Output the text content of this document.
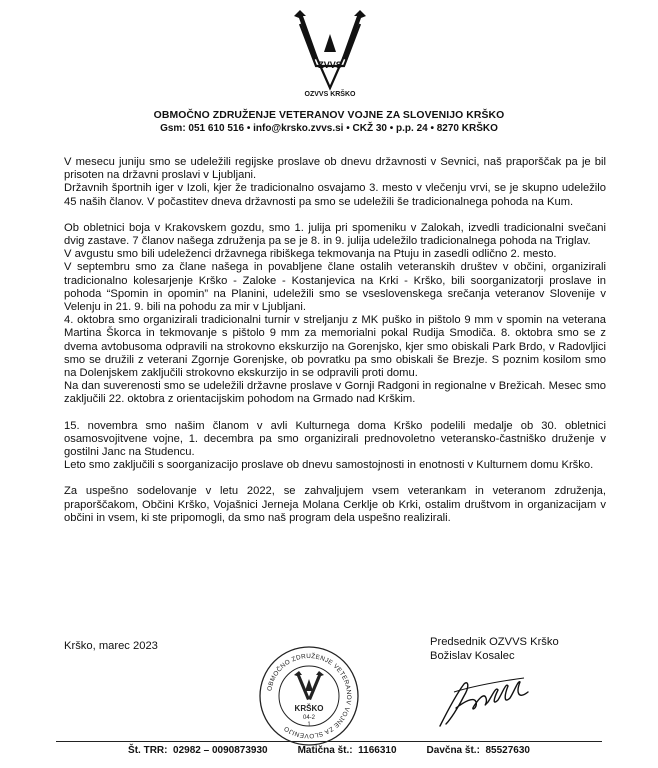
ZVVS
OZVVS KRŠKO
OBMOČNO ZDRUŽENJE VETERANOV VOJNE ZA SLOVENIJO KRŠKO
Gsm: 051 610 516 • info@krsko.zvvs.si • CKŽ 30 • p.p. 24 • 8270 KRŠKO

V mesecu juniju smo se udeležili regijske proslave ob dnevu državnosti v Sevnici, naš praporščak pa je bil prisoten na državni proslavi v Ljubljani.

Državnih športnih iger v Izoli, kjer že tradicionalno osvajamo 3. mesto v vlečenju vrvi, se je skupno udeležilo 45 naših članov. V počastitev dneva državnosti pa smo se udeležili še tradicionalnega pohoda na Kum.

Ob obletnici boja v Krakovskem gozdu, smo 1. julija pri spomeniku v Zalokah, izvedli tradicionalni svečani dvig zastave. 7 članov našega združenja pa se je 8. in 9. julija udeležilo tradicionalnega pohoda na Triglav.

V avgustu smo bili udeleženci državnega ribiškega tekmovanja na Ptuju in zasedli odlično 2. mesto.

V septembru smo za člane našega in povabljene člane ostalih veteranskih društev v občini, organizirali tradicionalno kolesarjenje Krško - Zaloke - Kostanjevica na Krki - Krško, bili soorganizatorji proslave in pohoda “Spomin in opomin” na Planini, udeležili smo se vseslovenskega srečanja veteranov Slovenije v Velenju in 21. 9. bili na pohodu za mir v Ljubljani.

4. oktobra smo organizirali tradicionalni turnir v streljanju z MK puško in pištolo 9 mm v spomin na veterana Martina Škorca in tekmovanje s pištolo 9 mm za memorialni pokal Rudija Smodiča. 8. oktobra smo se z dvema avtobusoma odpravili na strokovno ekskurzijo na Gorenjsko, kjer smo obiskali Park Brdo, v Radovljici smo se družili z veterani Zgornje Gorenjske, ob povratku pa smo obiskali še Brezje. S poznim kosilom smo na Dolenjskem zaključili strokovno ekskurzijo in se odpravili proti domu.

Na dan suverenosti smo se udeležili državne proslave v Gornji Radgoni in regionalne v Brežicah. Mesec smo zaključili 22. oktobra z orientacijskim pohodom na Grmado nad Krškim.

15. novembra smo našim članom v avli Kulturnega doma Krško podelili medalje ob 30. obletnici osamosvojitvene vojne, 1. decembra pa smo organizirali prednovoletno veteransko-častniško druženje v gostilni Janc na Studencu.

Leto smo zaključili s soorganizacijo proslave ob dnevu samostojnosti in enotnosti v Kulturnem domu Krško.

Za uspešno sodelovanje v letu 2022, se zahvaljujem vsem veterankam in veteranom združenja, praporščakom, Občini Krško, Vojašnici Jerneja Molana Cerklje ob Krki, ostalim društvom in organizacijam v občini in vsem, ki ste pripomogli, da smo naš program dela uspešno realizirali.

Krško, marec 2023	Predsednik OZVVS Krško
Božislav Kosalec
OBMOČNO ZDRUŽENJE VETERANOV VOJNE ZA SLOVENIJO
KRŠKO
04-2
1
Št. TRR:  02982 – 0090873930	Matična št.:  1166310	Davčna št.:  85527630
